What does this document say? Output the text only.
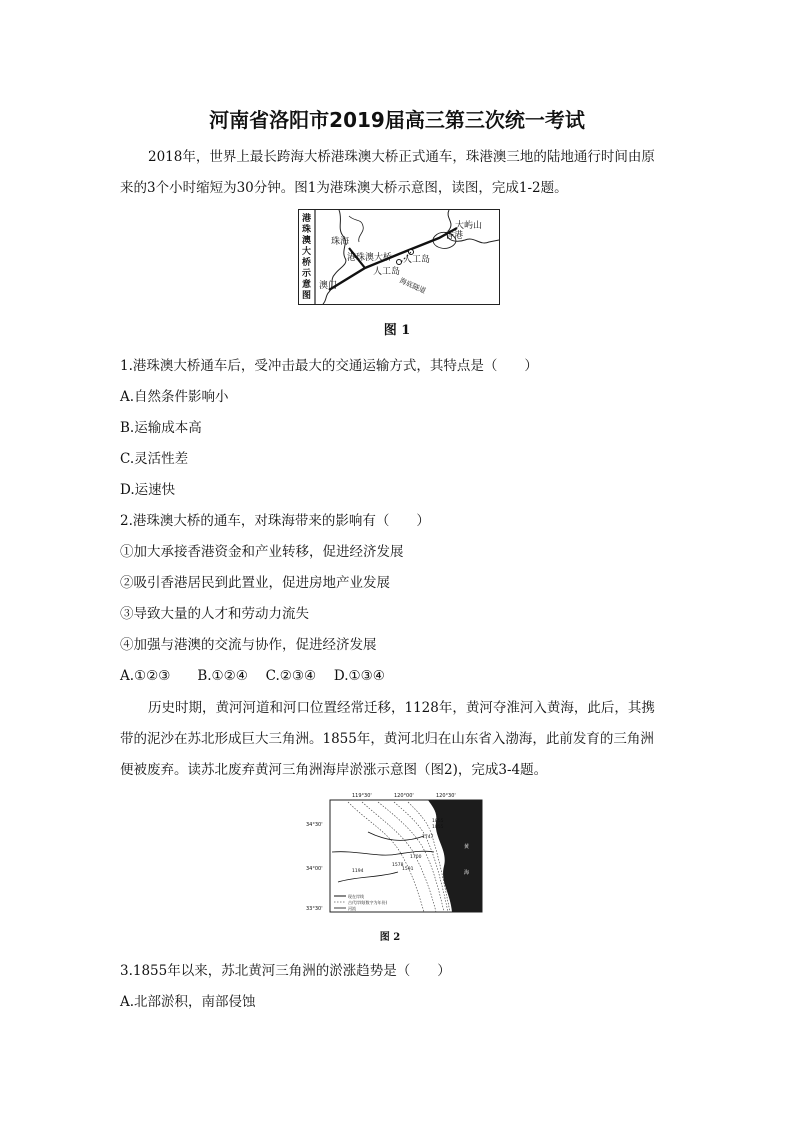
河南省洛阳市2019届高三第三次统一考试
2018年，世界上最长跨海大桥港珠澳大桥正式通车，珠港澳三地的陆地通行时间由原
来的3个小时缩短为30分钟。图1为港珠澳大桥示意图，读图，完成1-2题。
港
珠
澳
大
桥
示
意
图
珠海
港珠澳大桥 人工岛
人工岛
香港
大屿山
澳门	海底隧道
图 1
1.港珠澳大桥通车后，受冲击最大的交通运输方式，其特点是（　　）
A.自然条件影响小
B.运输成本高
C.灵活性差
D.运速快
2.港珠澳大桥的通车，对珠海带来的影响有（　　）
①加大承接香港资金和产业转移，促进经济发展
②吸引香港居民到此置业，促进房地产业发展
③导致大量的人才和劳动力流失
④加强与港澳的交流与协作，促进经济发展
A.①②③　　B.①②④　 C.②③④　 D.①③④
历史时期，黄河河道和河口位置经常迁移，1128年，黄河夺淮河入黄海，此后，其携
带的泥沙在苏北形成巨大三角洲。1855年，黄河北归在山东省入渤海，此前发育的三角洲
便被废弃。读苏北废弃黄河三角洲海岸淤涨示意图（图2)，完成3-4题。
119°30'	120°00'	120°30'
34°30'
34°00'
33°30'
1855
1747
1700
1578
1591
1194
1855
黄
海
现在岸线
古代岸线(数字为年份)
河流
图 2
3.1855年以来，苏北黄河三角洲的淤涨趋势是（　　）
A.北部淤积，南部侵蚀
